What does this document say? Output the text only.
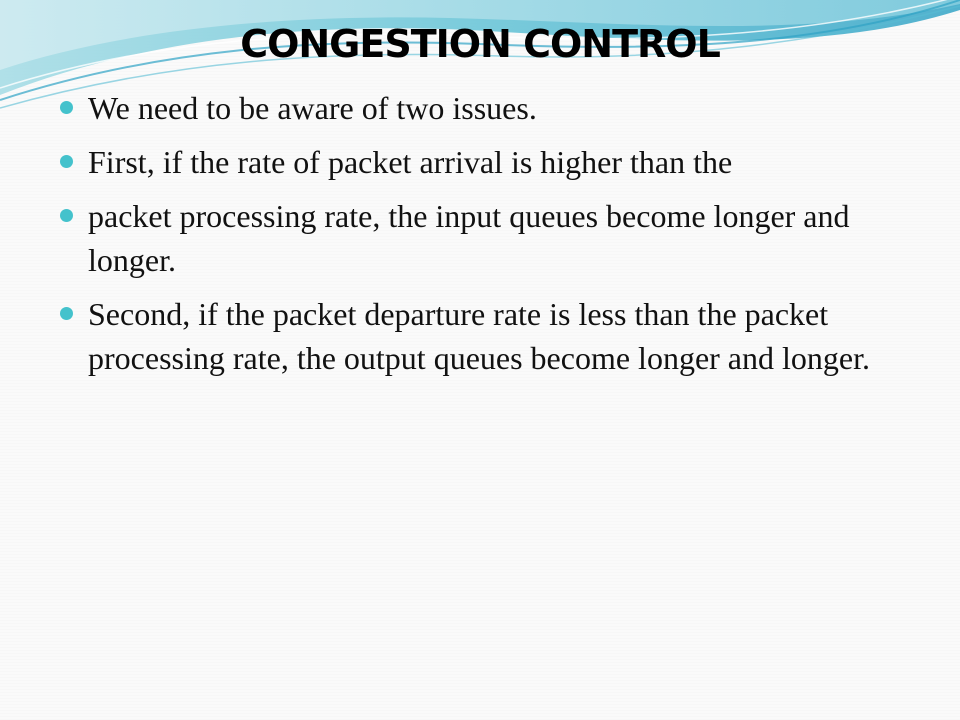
CONGESTION CONTROL
We need to be aware of two issues.
First, if the rate of packet arrival is higher than the
packet processing rate, the input queues become longer and longer.
Second, if the packet departure rate is less than the packet processing rate, the output queues become longer and longer.
